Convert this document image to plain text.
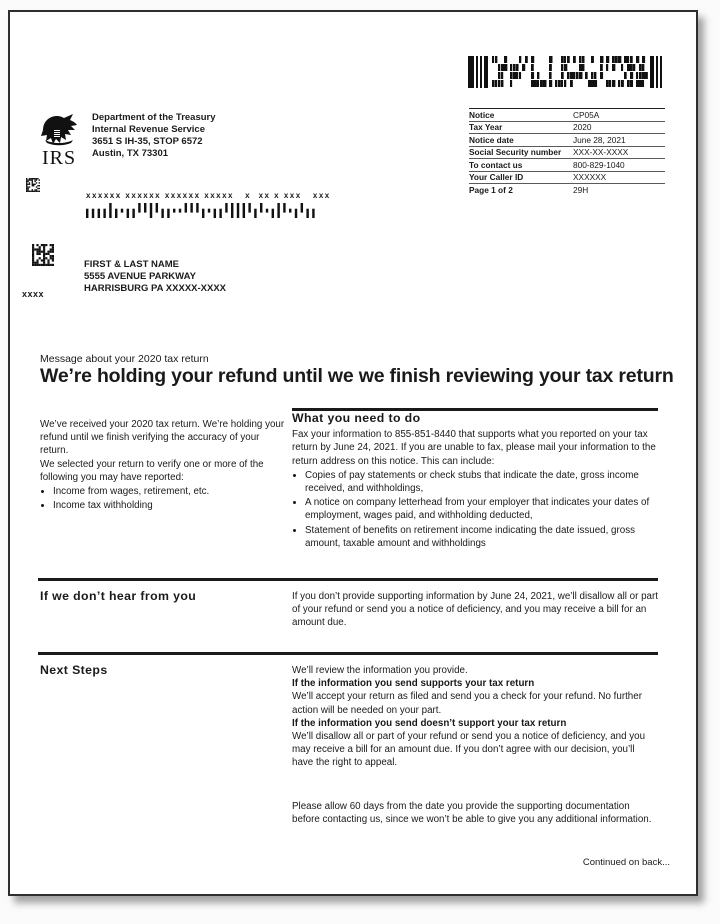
IRS
Department of the Treasury
Internal Revenue Service
3651 S IH-35, STOP 6572
Austin, TX 73301
Notice	CP05A
Tax Year	2020
Notice date	June 28, 2021
Social Security number	XXX-XX-XXXX
To contact us	800-829-1040
Your Caller ID	XXXXXX
Page 1 of 2	29H
xxxxxx xxxxxx xxxxxx xxxxx   x  xx x xxx   xxx
FIRST & LAST NAME
5555 AVENUE PARKWAY
HARRISBURG PA XXXXX-XXXX
xxxx
Message about your 2020 tax return
We’re holding your refund until we we finish reviewing your tax return

We’ve received your 2020 tax return. We’re holding your refund until we finish verifying the accuracy of your return.

We selected your return to verify one or more of the following you may have reported:

• Income from wages, retirement, etc.
• Income tax withholding
What you need to do

Fax your information to 855-851-8440 that supports what you reported on your tax return by June 24, 2021. If you are unable to fax, please mail your information to the return address on this notice. This can include:

• Copies of pay statements or check stubs that indicate the date, gross income received, and withholdings,
• A notice on company letterhead from your employer that indicates your dates of employment, wages paid, and withholding deducted,
• Statement of benefits on retirement income indicating the date issued, gross amount, taxable amount and withholdings
If we don’t hear from you	If you don’t provide supporting information by June 24, 2021, we’ll disallow all or part of your refund or send you a notice of deficiency, and you may receive a bill for an amount due.

Next Steps	We’ll review the information you provide.

If the information you send supports your tax return

We’ll accept your return as filed and send you a check for your refund. No further action will be needed on your part.

If the information you send doesn’t support your tax return

We’ll disallow all or part of your refund or send you a notice of deficiency, and you may receive a bill for an amount due. If you don’t agree with our decision, you’ll have the right to appeal.

Please allow 60 days from the date you provide the supporting documentation before contacting us, since we won’t be able to give you any additional information.

Continued on back...
